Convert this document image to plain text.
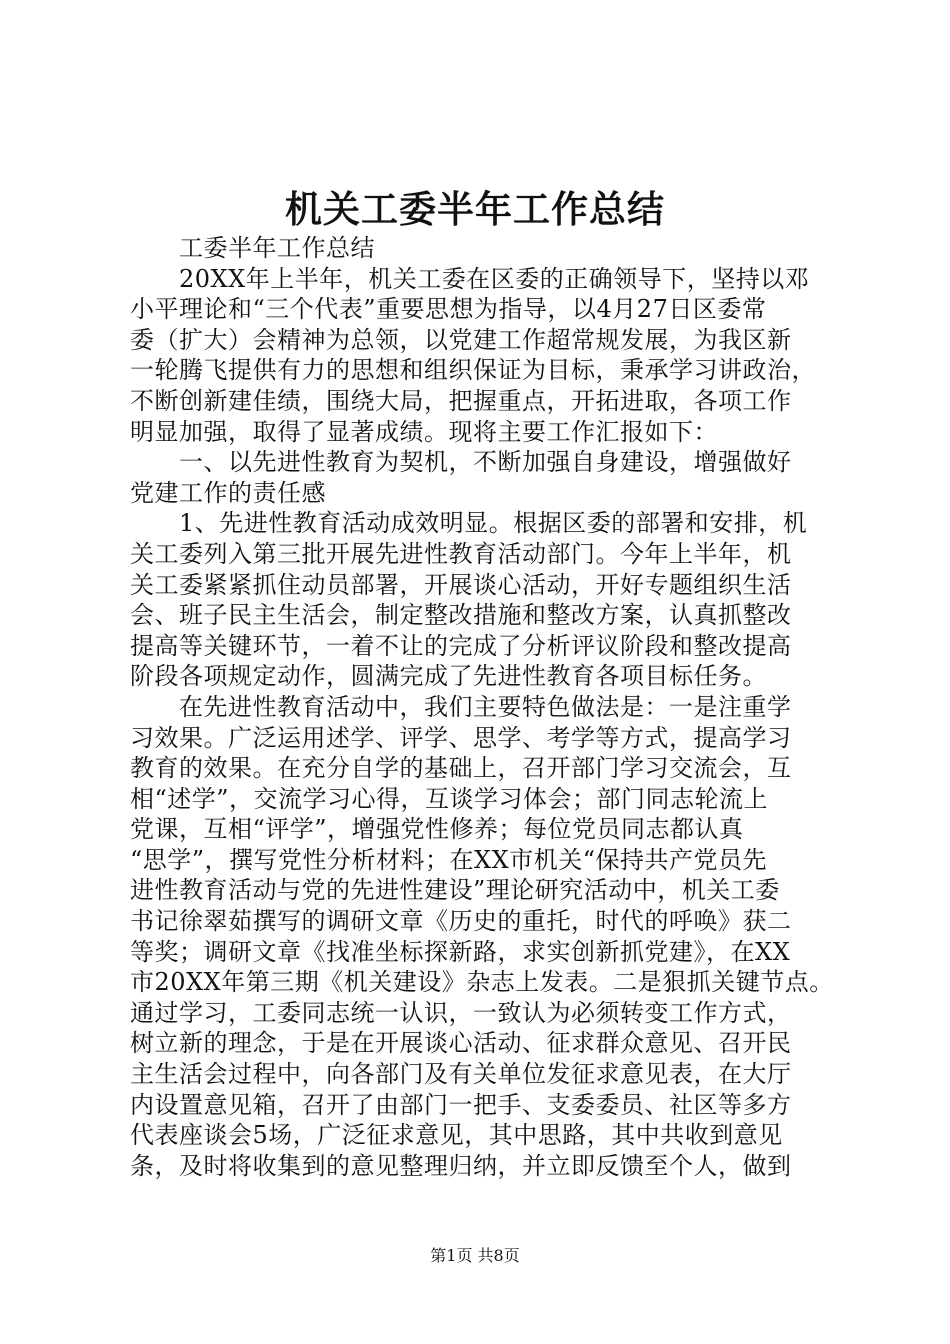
机关工委半年工作总结
　　工委半年工作总结
　　20XX年上半年，机关工委在区委的正确领导下，坚持以邓
小平理论和“三个代表”重要思想为指导，以4月27日区委常
委（扩大）会精神为总领，以党建工作超常规发展，为我区新
一轮腾飞提供有力的思想和组织保证为目标，秉承学习讲政治，
不断创新建佳绩，围绕大局，把握重点，开拓进取，各项工作
明显加强，取得了显著成绩。现将主要工作汇报如下：
　　一、以先进性教育为契机，不断加强自身建设，增强做好
党建工作的责任感
　　1、先进性教育活动成效明显。根据区委的部署和安排，机
关工委列入第三批开展先进性教育活动部门。今年上半年，机
关工委紧紧抓住动员部署，开展谈心活动，开好专题组织生活
会、班子民主生活会，制定整改措施和整改方案，认真抓整改
提高等关键环节，一着不让的完成了分析评议阶段和整改提高
阶段各项规定动作，圆满完成了先进性教育各项目标任务。
　　在先进性教育活动中，我们主要特色做法是：一是注重学
习效果。广泛运用述学、评学、思学、考学等方式，提高学习
教育的效果。在充分自学的基础上，召开部门学习交流会，互
相“述学”，交流学习心得，互谈学习体会；部门同志轮流上
党课，互相“评学”，增强党性修养；每位党员同志都认真
“思学”，撰写党性分析材料；在XX市机关“保持共产党员先
进性教育活动与党的先进性建设”理论研究活动中，机关工委
书记徐翠茹撰写的调研文章《历史的重托，时代的呼唤》获二
等奖；调研文章《找准坐标探新路，求实创新抓党建》，在XX
市20XX年第三期《机关建设》杂志上发表。二是狠抓关键节点。
通过学习，工委同志统一认识，一致认为必须转变工作方式，
树立新的理念，于是在开展谈心活动、征求群众意见、召开民
主生活会过程中，向各部门及有关单位发征求意见表，在大厅
内设置意见箱，召开了由部门一把手、支委委员、社区等多方
代表座谈会5场，广泛征求意见，其中思路，其中共收到意见
条，及时将收集到的意见整理归纳，并立即反馈至个人，做到
第1页 共8页
